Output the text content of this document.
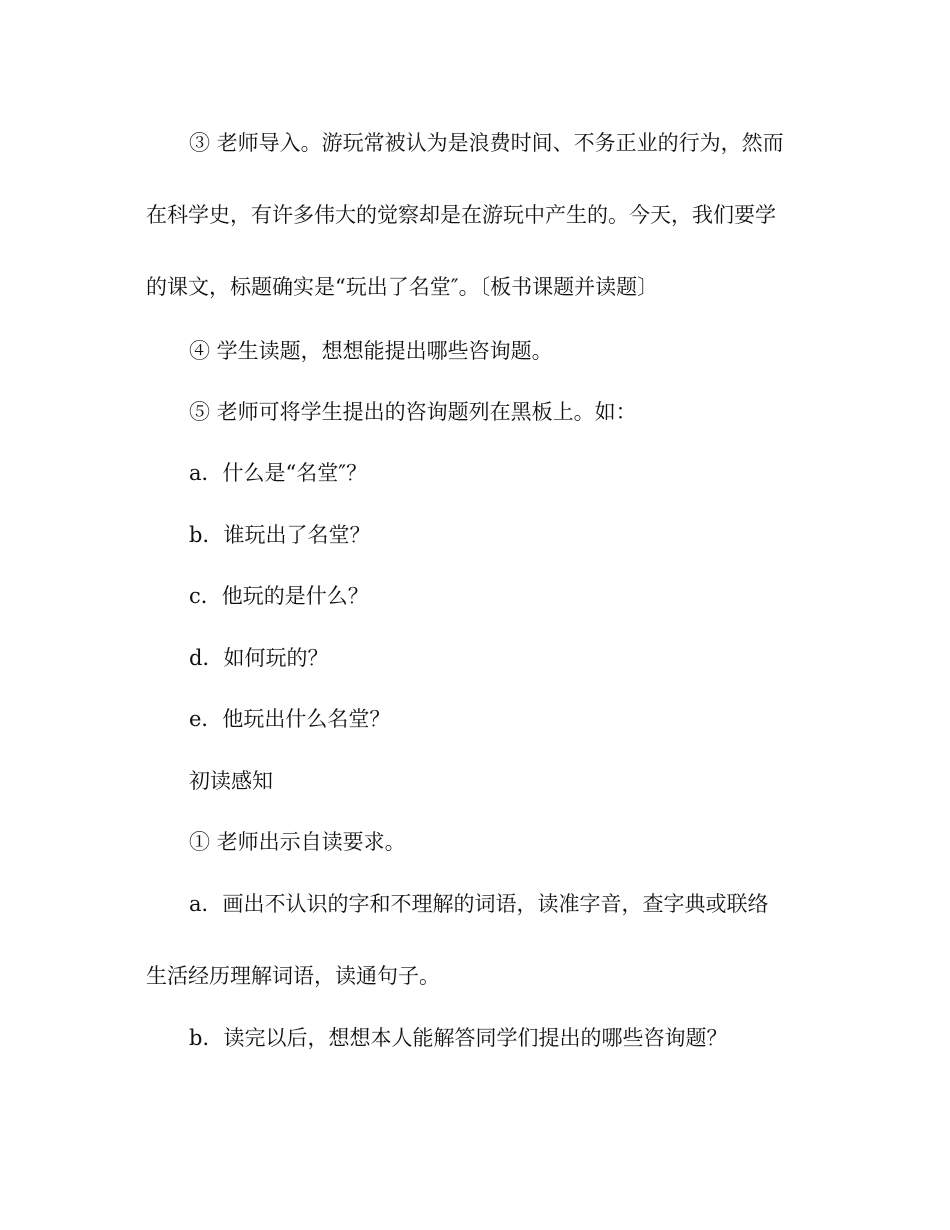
③ 老师导入。游玩常被认为是浪费时间、不务正业的行为，然而
在科学史，有许多伟大的觉察却是在游玩中产生的。今天，我们要学
的课文，标题确实是“玩出了名堂″。〔板书课题并读题〕
④ 学生读题，想想能提出哪些咨询题。
⑤ 老师可将学生提出的咨询题列在黑板上。如：
a．什么是“名堂″？
b．谁玩出了名堂？
c．他玩的是什么？
d．如何玩的？
e．他玩出什么名堂？
初读感知
① 老师出示自读要求。
a．画出不认识的字和不理解的词语，读准字音，查字典或联络
生活经历理解词语，读通句子。
b．读完以后，想想本人能解答同学们提出的哪些咨询题？
